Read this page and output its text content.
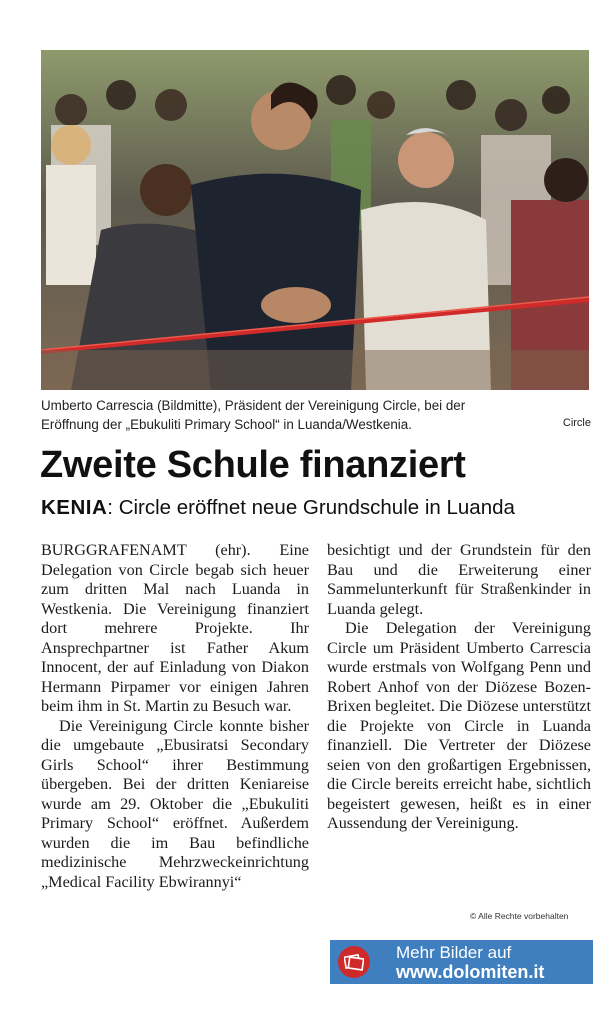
Umberto Carrescia (Bildmitte), Präsident der Vereinigung Circle, bei der
Eröffnung der „Ebukuliti Primary School“ in Luanda/Westkenia.	Circle
Zweite Schule finanziert
KENIA: Circle eröffnet neue Grundschule in Luanda

BURGGRAFENAMT (ehr). Eine Delegation von Circle begab sich heuer zum dritten Mal nach Luanda in Westkenia. Die Vereinigung finanziert dort mehrere Projekte. Ihr Ansprechpartner ist Father Akum Innocent, der auf Einladung von Diakon Hermann Pirpamer vor einigen Jahren beim ihm in St. Martin zu Besuch war.

Die Vereinigung Circle konnte bisher die umgebaute „Ebusiratsi Secondary Girls School“ ihrer Bestimmung übergeben. Bei der dritten Keniareise wurde am 29. Oktober die „Ebukuliti Primary School“ eröffnet. Außerdem wurden die im Bau befindliche medizinische Mehrzweckeinrichtung „Medical Facility Ebwirannyi“

besichtigt und der Grundstein für den Bau und die Erweiterung einer Sammelunterkunft für Straßenkinder in Luanda gelegt.

Die Delegation der Vereinigung Circle um Präsident Umberto Carrescia wurde erstmals von Wolfgang Penn und Robert Anhof von der Diözese Bozen-Brixen begleitet. Die Diözese unterstützt die Projekte von Circle in Luanda finanziell. Die Vertreter der Diözese seien von den großartigen Ergebnissen, die Circle bereits erreicht habe, sichtlich begeistert gewesen, heißt es in einer Aussendung der Vereinigung.

© Alle Rechte vorbehalten
Mehr Bilder auf
www.dolomiten.it
